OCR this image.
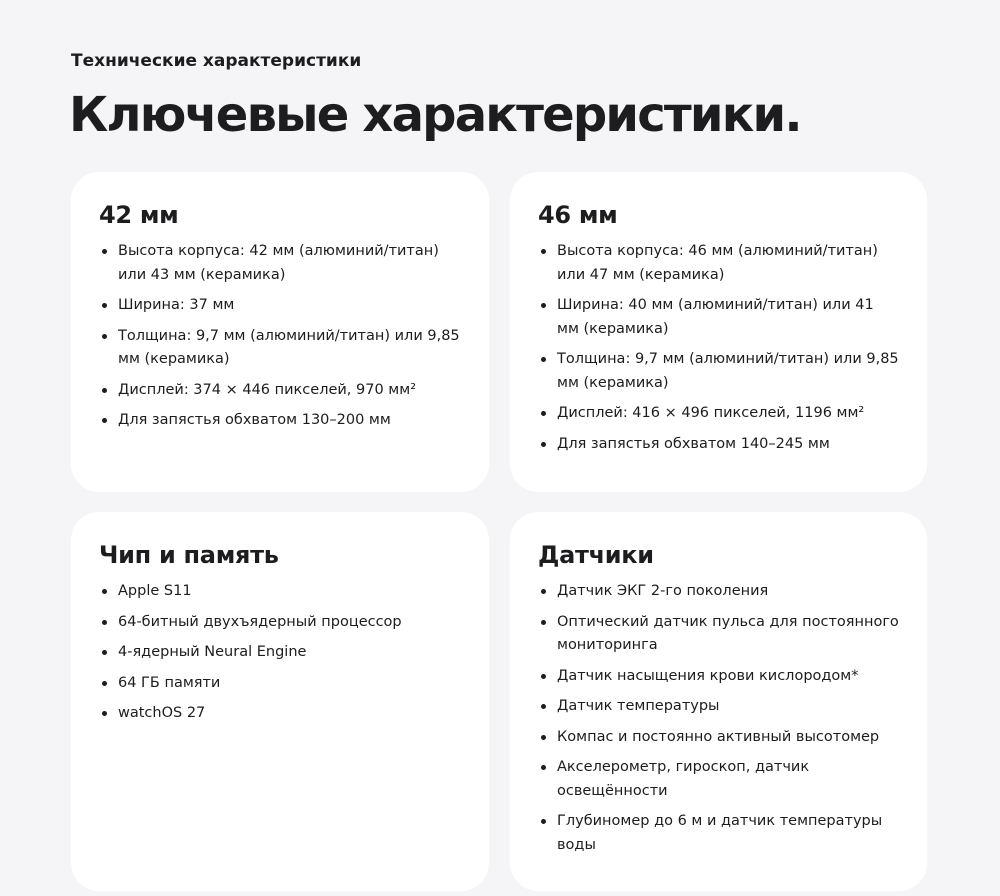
Технические характеристики
Ключевые характеристики.
42 мм
Высота корпуса: 42 мм (алюминий/титан) или 43 мм (керамика)
Ширина: 37 мм
Толщина: 9,7 мм (алюминий/титан) или 9,85 мм (керамика)
Дисплей: 374 × 446 пикселей, 970 мм²
Для запястья обхватом 130–200 мм
46 мм
Высота корпуса: 46 мм (алюминий/титан) или 47 мм (керамика)
Ширина: 40 мм (алюминий/титан) или 41 мм (керамика)
Толщина: 9,7 мм (алюминий/титан) или 9,85 мм (керамика)
Дисплей: 416 × 496 пикселей, 1196 мм²
Для запястья обхватом 140–245 мм
Чип и память
Apple S11
64-битный двухъядерный процессор
4-ядерный Neural Engine
64 ГБ памяти
watchOS 27
Датчики
Датчик ЭКГ 2-го поколения
Оптический датчик пульса для постоянного мониторинга
Датчик насыщения крови кислородом*
Датчик температуры
Компас и постоянно активный высотомер
Акселерометр, гироскоп, датчик освещённости
Глубиномер до 6 м и датчик температуры воды
